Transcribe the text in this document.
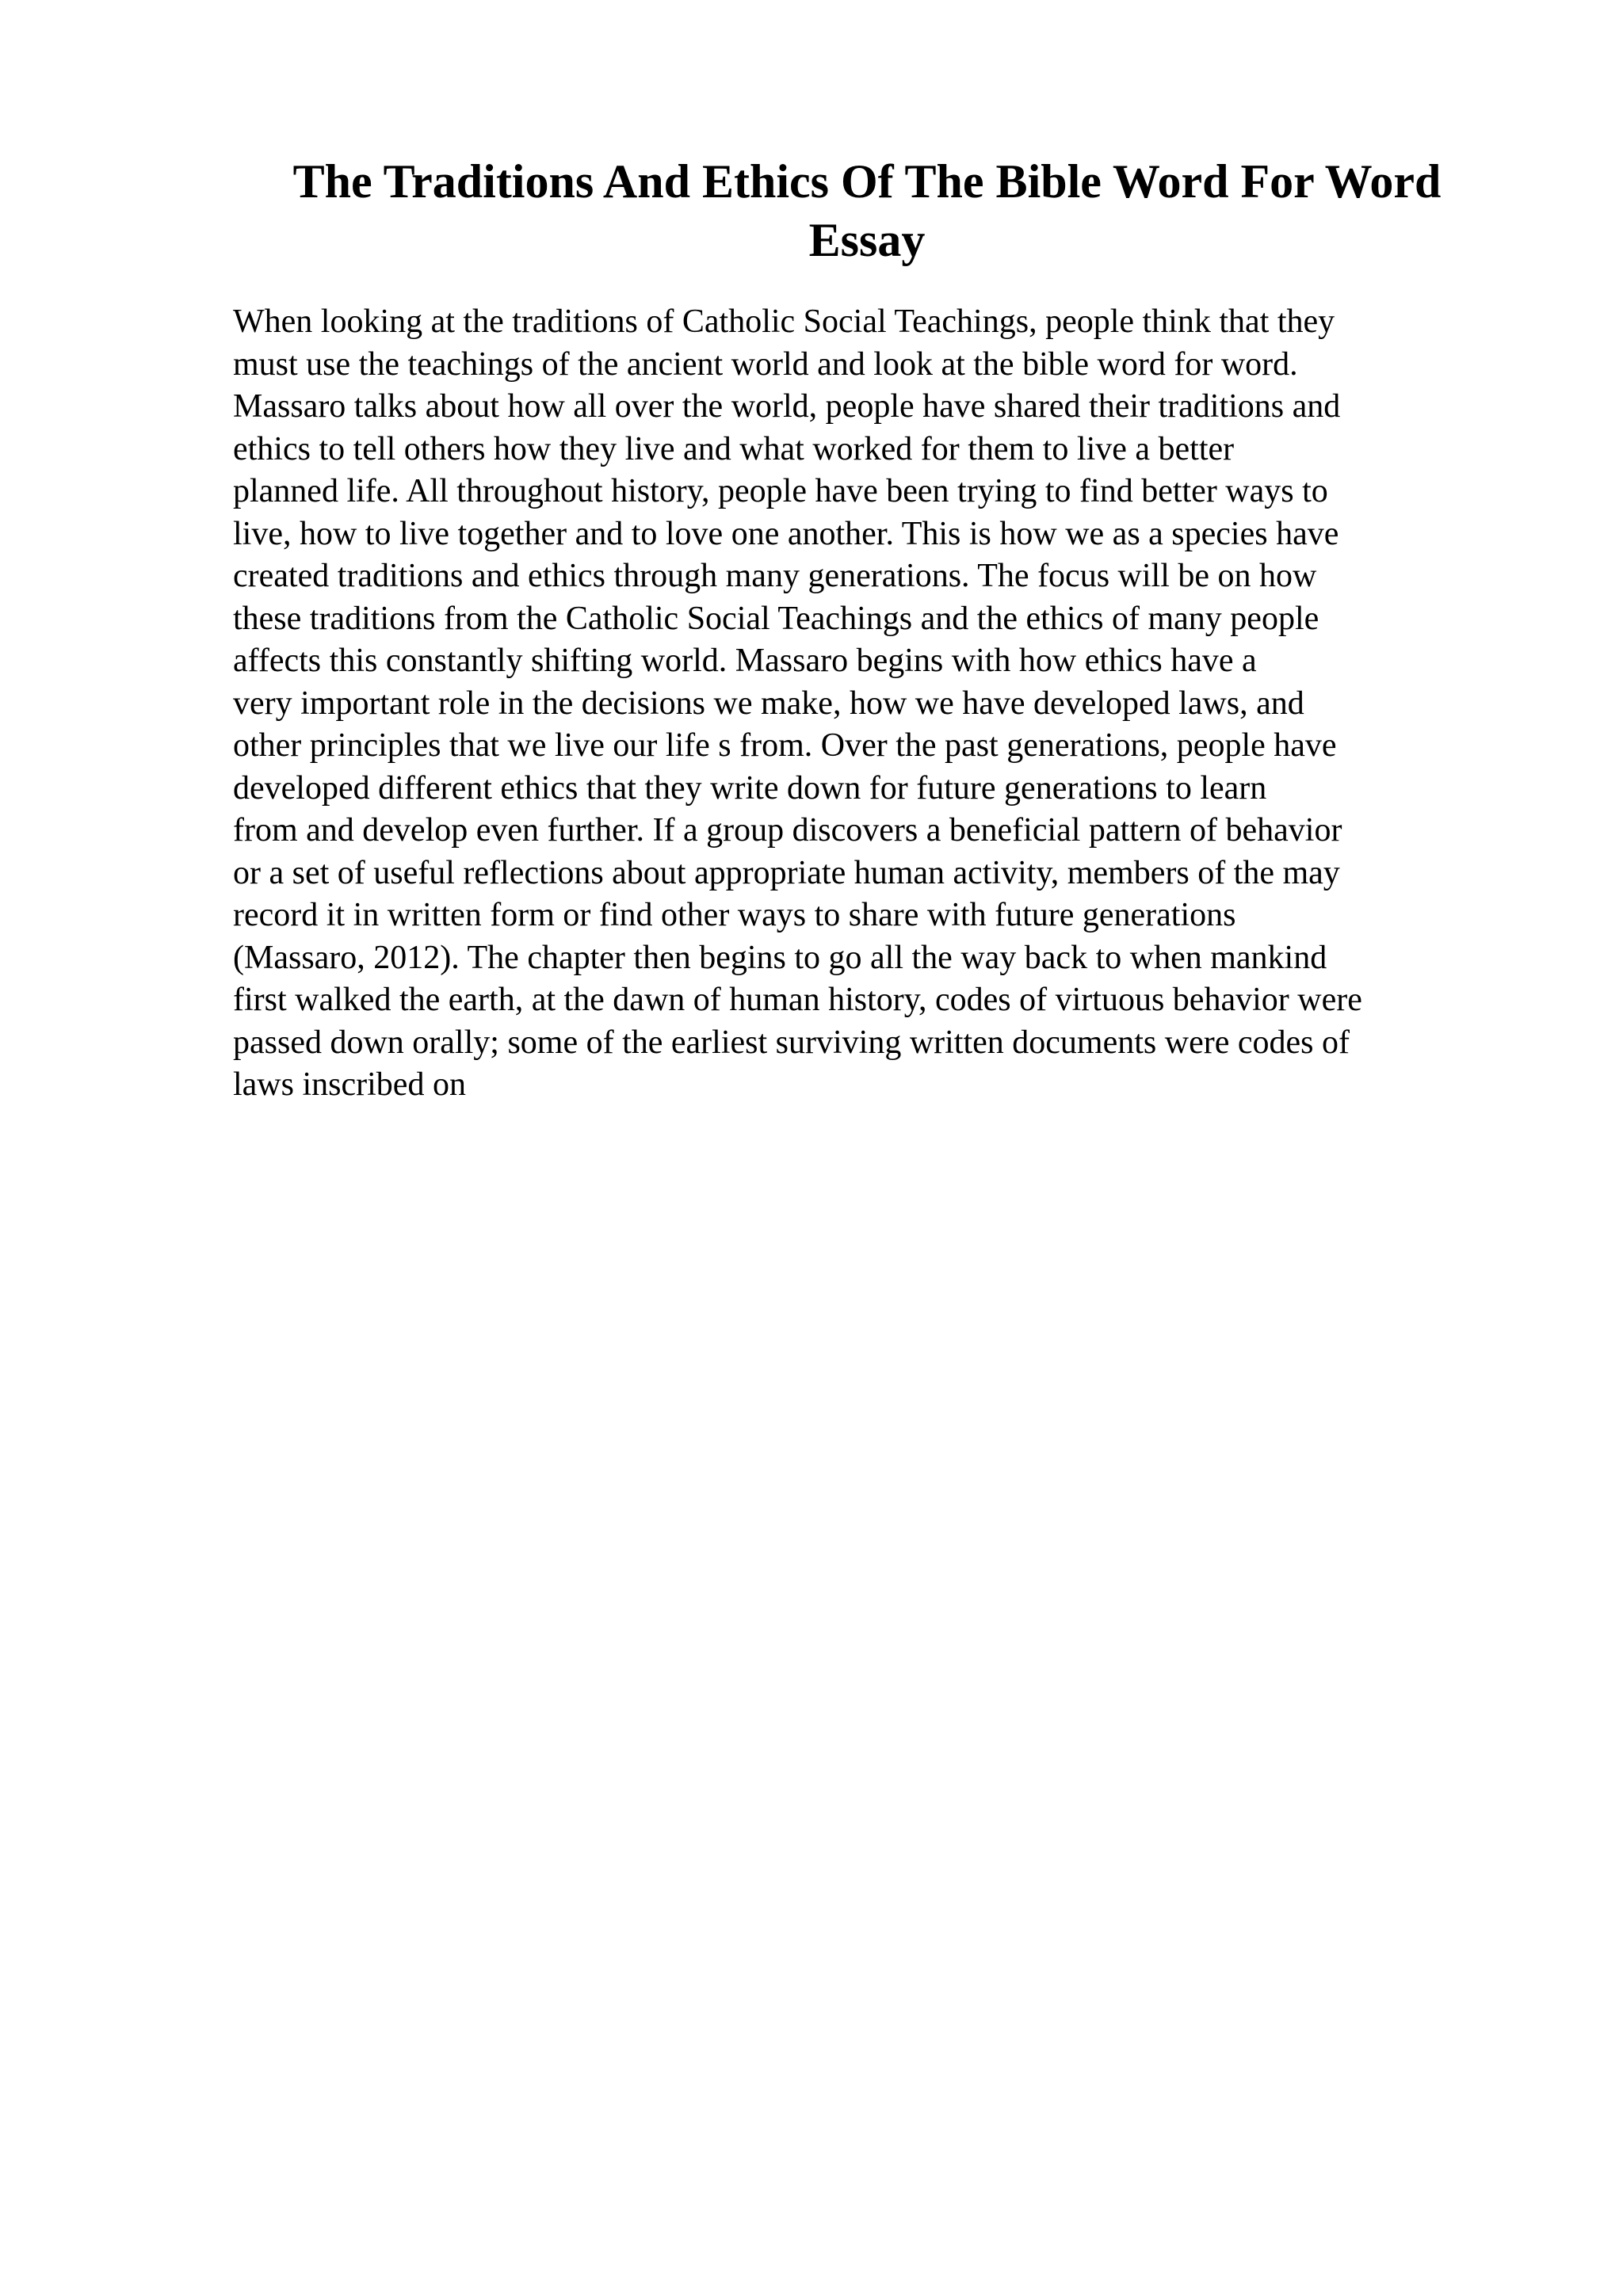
The Traditions And Ethics Of The Bible Word For Word
Essay
When looking at the traditions of Catholic Social Teachings, people think that they
must use the teachings of the ancient world and look at the bible word for word.
Massaro talks about how all over the world, people have shared their traditions and
ethics to tell others how they live and what worked for them to live a better
planned life. All throughout history, people have been trying to find better ways to
live, how to live together and to love one another. This is how we as a species have
created traditions and ethics through many generations. The focus will be on how
these traditions from the Catholic Social Teachings and the ethics of many people
affects this constantly shifting world. Massaro begins with how ethics have a
very important role in the decisions we make, how we have developed laws, and
other principles that we live our life s from. Over the past generations, people have
developed different ethics that they write down for future generations to learn
from and develop even further. If a group discovers a beneficial pattern of behavior
or a set of useful reflections about appropriate human activity, members of the may
record it in written form or find other ways to share with future generations
(Massaro, 2012). The chapter then begins to go all the way back to when mankind
first walked the earth, at the dawn of human history, codes of virtuous behavior were
passed down orally; some of the earliest surviving written documents were codes of
laws inscribed on
